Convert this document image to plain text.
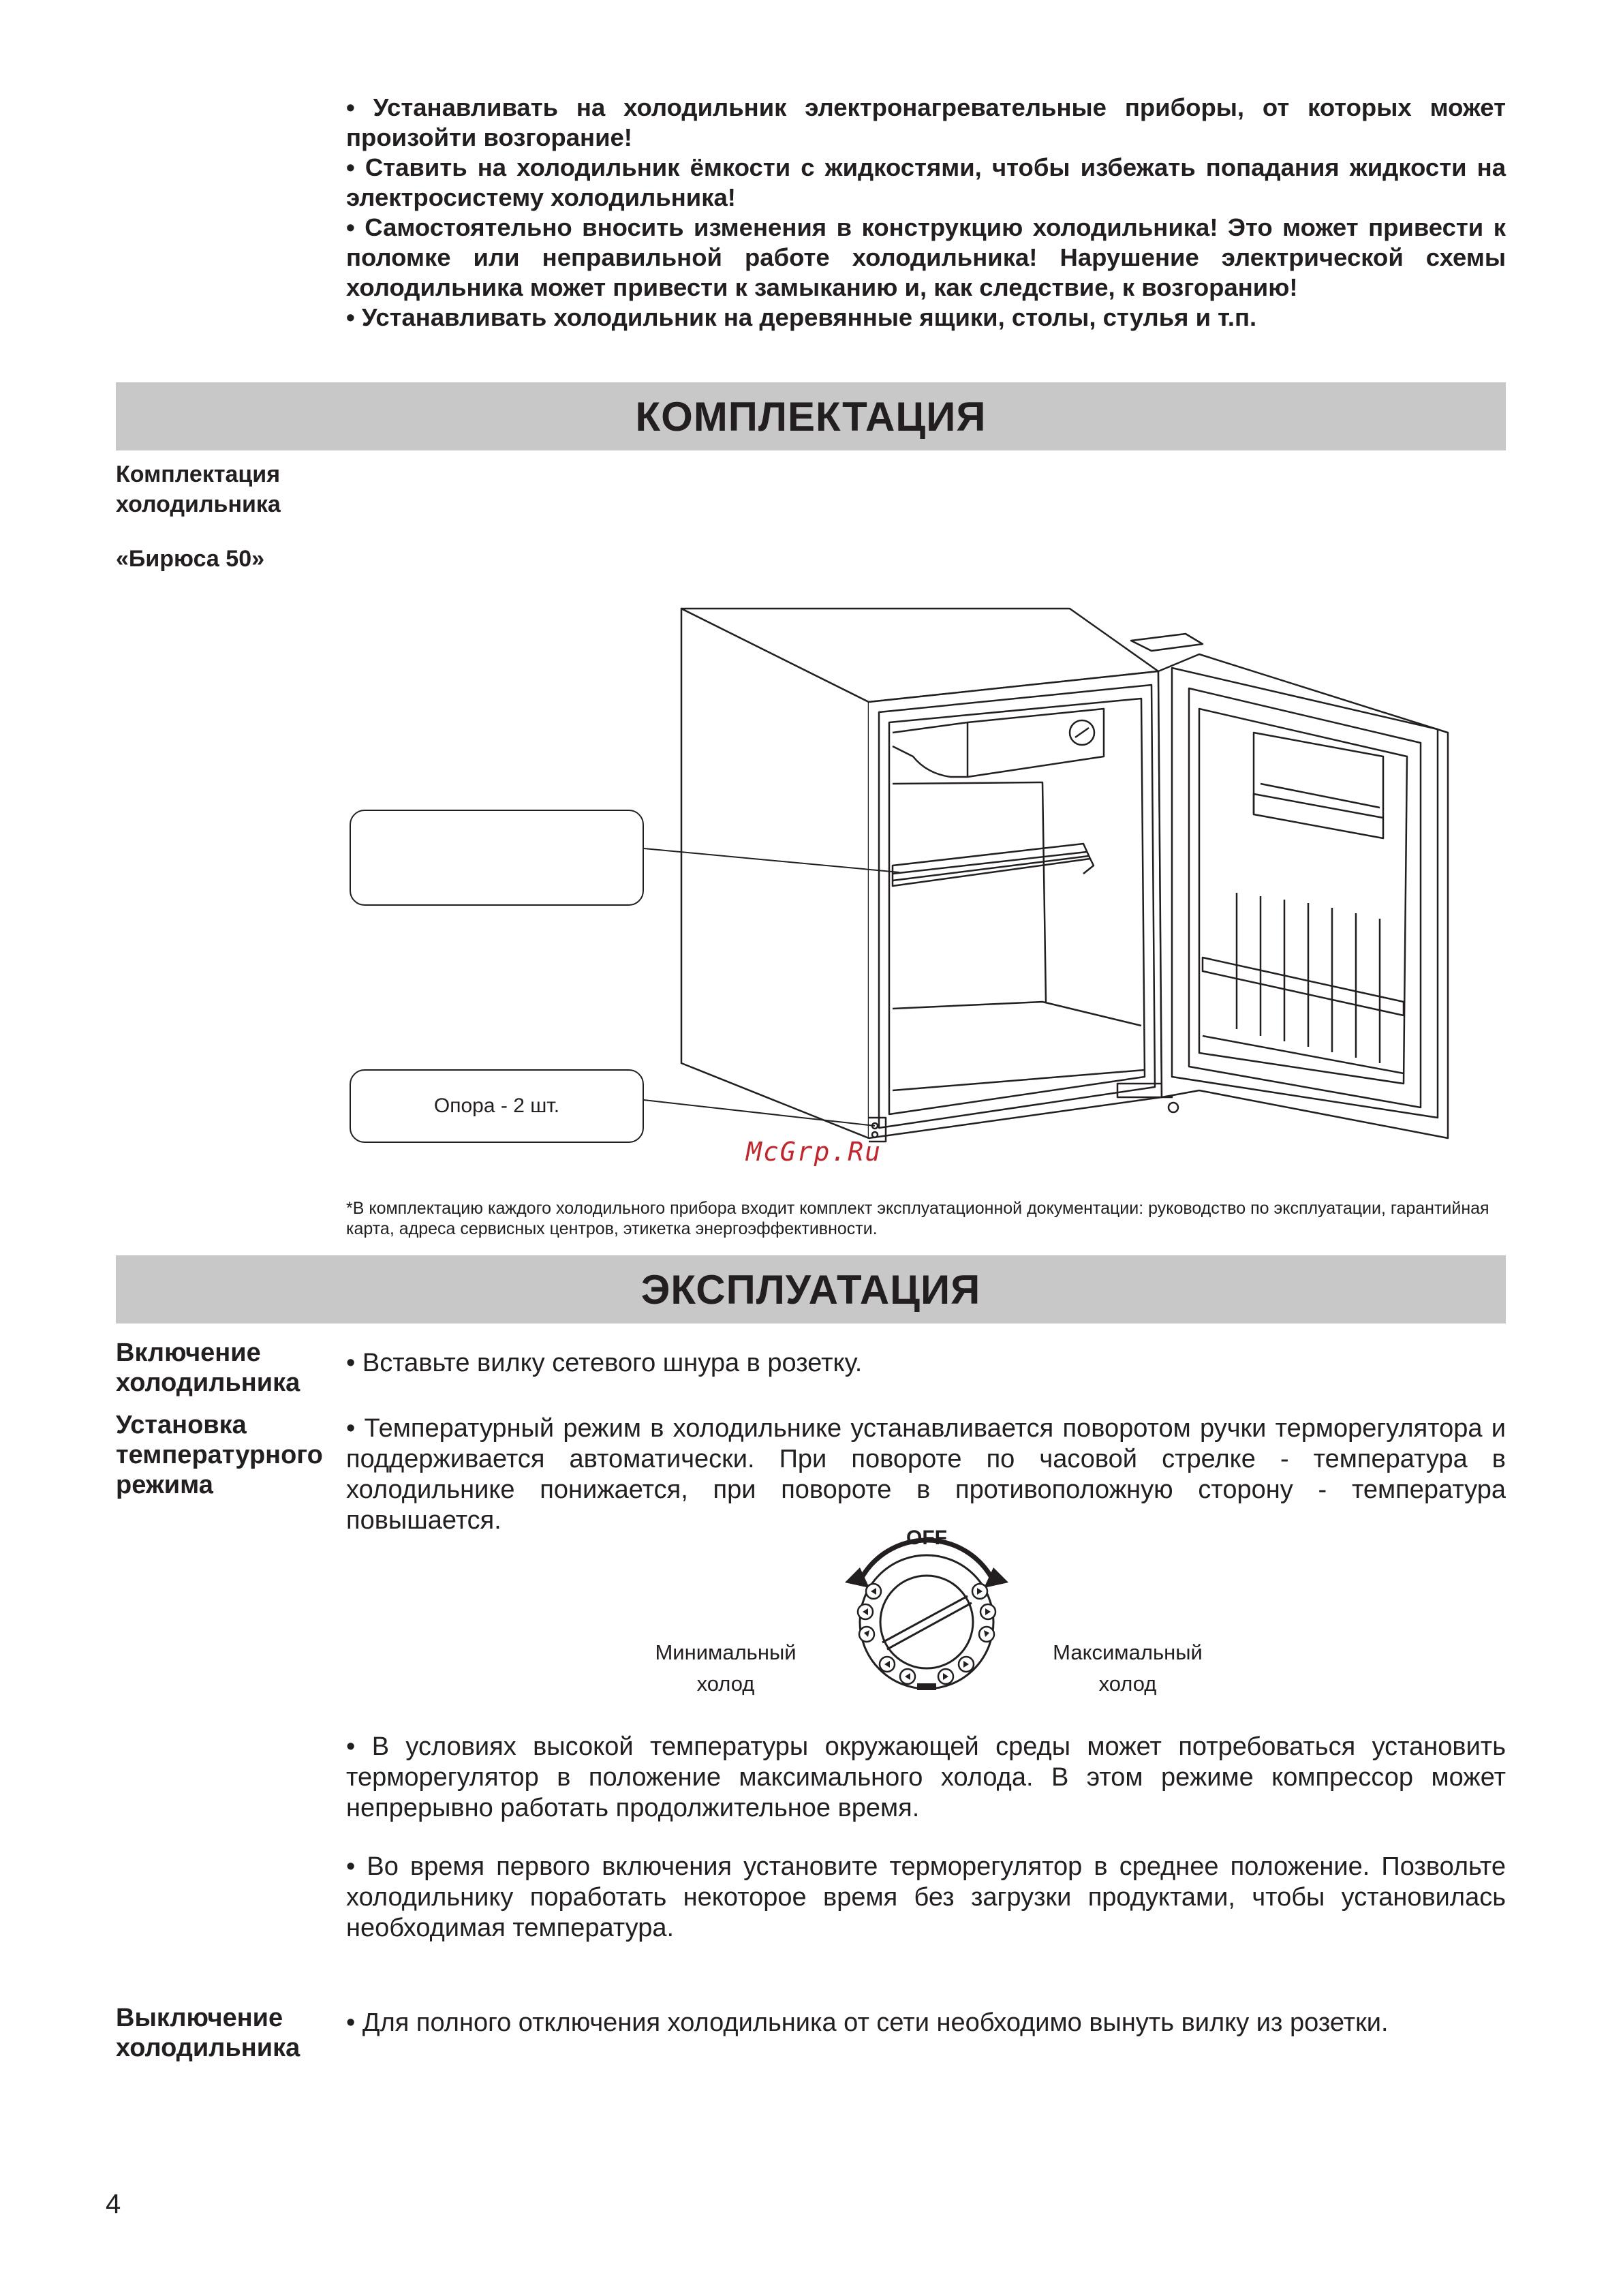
• Устанавливать на холодильник электронагревательные приборы, от которых может произойти возгорание!

• Ставить на холодильник ёмкости с жидкостями, чтобы избежать попадания жидкости на электросистему холодильника!

• Самостоятельно вносить изменения в конструкцию холодильника! Это может привести к поломке или неправильной работе холодильника! Нарушение электрической схемы холодильника может привести к замыканию и, как следствие, к возгоранию!

• Устанавливать холодильник на деревянные ящики, столы, стулья и т.п.

КОМПЛЕКТАЦИЯ
Комплектация
холодильника
«Бирюса 50»
Опора - 2 шт.
McGrp.Ru
*В комплектацию каждого холодильного прибора входит комплект эксплуатационной документации: руководство по эксплуатации, гарантийная карта, адреса сервисных центров, этикетка энергоэффективности.
ЭКСПЛУАТАЦИЯ
Включение
холодильника
• Вставьте вилку сетевого шнура в розетку.
Установка
температурного
режима

• Температурный режим в холодильнике устанавливается поворотом ручки терморегулятора и поддерживается автоматически. При повороте по часовой стрелке - температура в холодильнике понижается, при повороте в противоположную сторону - температура повышается.

OFF
Минимальный
холод
Максимальный
холод

• В условиях высокой температуры окружающей среды может потребоваться установить терморегулятор в положение максимального холода. В этом режиме компрессор может непрерывно работать продолжительное время.

• Во время первого включения установите терморегулятор в среднее положение. Позвольте холодильнику поработать некоторое время без загрузки продуктами, чтобы установилась необходимая температура.

Выключение
холодильника
• Для полного отключения холодильника от сети необходимо вынуть вилку из розетки.
4
